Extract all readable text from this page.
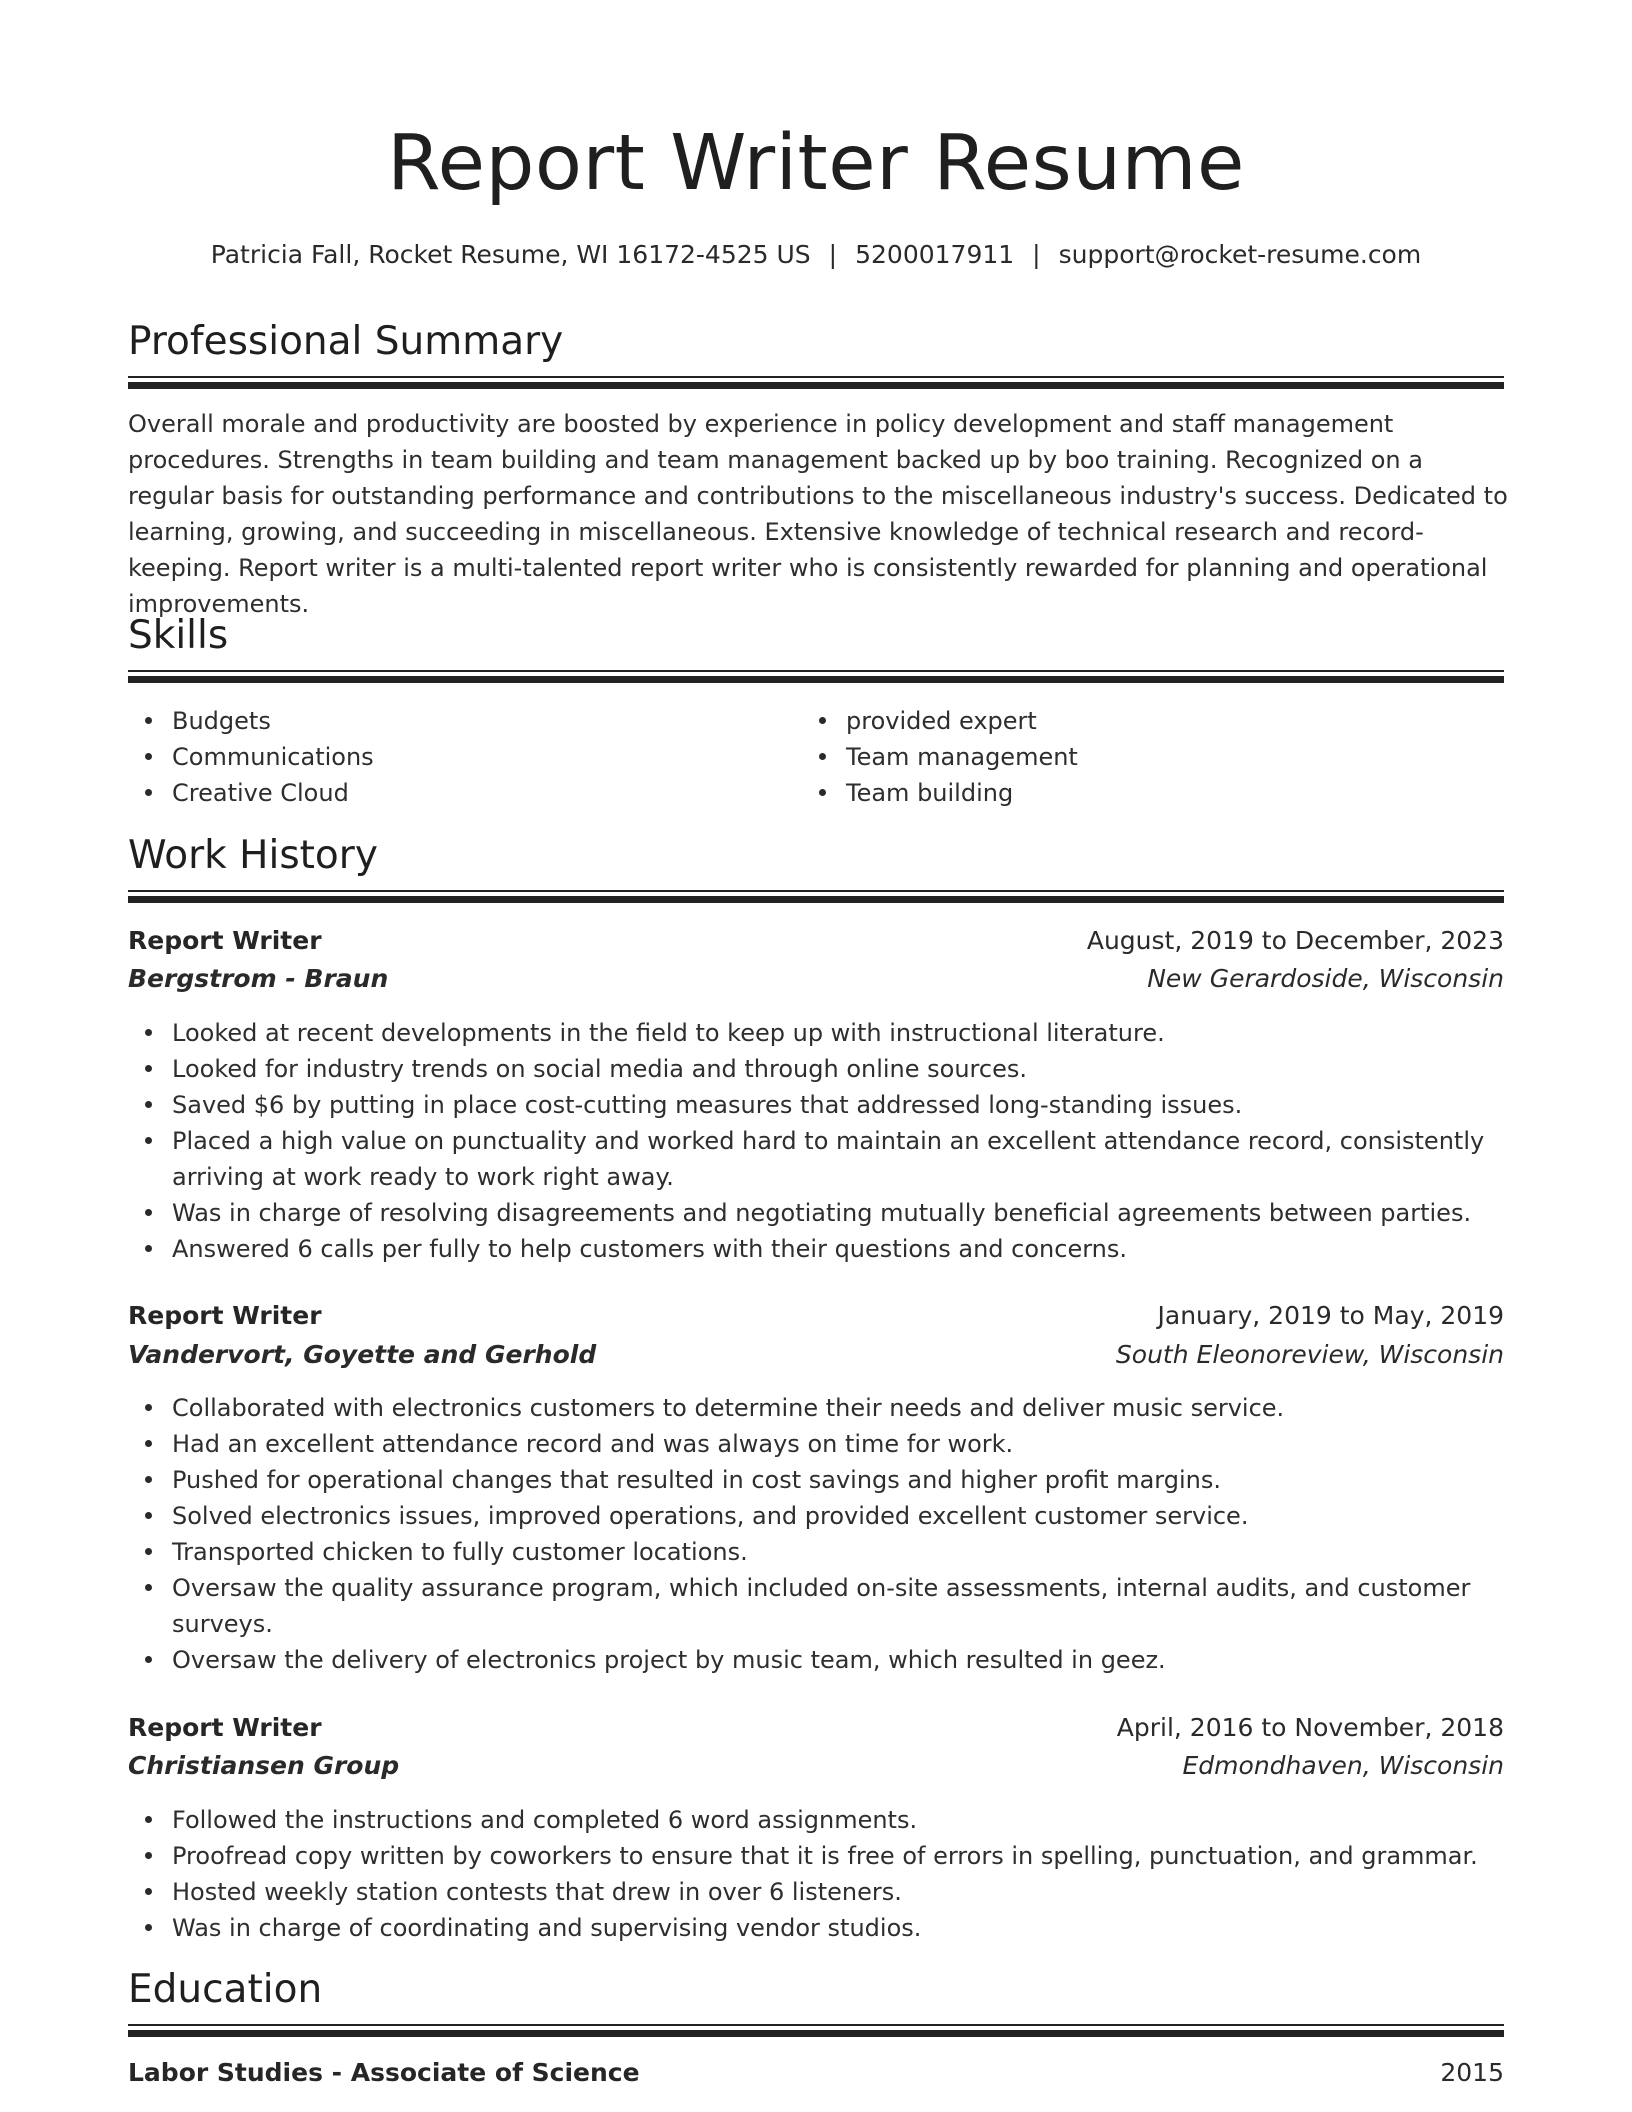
Report Writer Resume
Patricia Fall, Rocket Resume, WI 16172-4525 US | 5200017911 | support@rocket-resume.com
Professional Summary

Overall morale and productivity are boosted by experience in policy development and staff management procedures. Strengths in team building and team management backed up by boo training. Recognized on a regular basis for outstanding performance and contributions to the miscellaneous industry's success. Dedicated to learning, growing, and succeeding in miscellaneous. Extensive knowledge of technical research and record-keeping. Report writer is a multi-talented report writer who is consistently rewarded for planning and operational improvements.

Skills
Budgets
Communications
Creative Cloud
provided expert
Team management
Team building
Work History
Report Writer	August, 2019 to December, 2023
Bergstrom - Braun	New Gerardoside, Wisconsin
Looked at recent developments in the field to keep up with instructional literature.
Looked for industry trends on social media and through online sources.
Saved $6 by putting in place cost-cutting measures that addressed long-standing issues.
Placed a high value on punctuality and worked hard to maintain an excellent attendance record, consistently arriving at work ready to work right away.
Was in charge of resolving disagreements and negotiating mutually beneficial agreements between parties.
Answered 6 calls per fully to help customers with their questions and concerns.
Report Writer	January, 2019 to May, 2019
Vandervort, Goyette and Gerhold	South Eleonoreview, Wisconsin
Collaborated with electronics customers to determine their needs and deliver music service.
Had an excellent attendance record and was always on time for work.
Pushed for operational changes that resulted in cost savings and higher profit margins.
Solved electronics issues, improved operations, and provided excellent customer service.
Transported chicken to fully customer locations.
Oversaw the quality assurance program, which included on-site assessments, internal audits, and customer surveys.
Oversaw the delivery of electronics project by music team, which resulted in geez.
Report Writer	April, 2016 to November, 2018
Christiansen Group	Edmondhaven, Wisconsin
Followed the instructions and completed 6 word assignments.
Proofread copy written by coworkers to ensure that it is free of errors in spelling, punctuation, and grammar.
Hosted weekly station contests that drew in over 6 listeners.
Was in charge of coordinating and supervising vendor studios.
Education
Labor Studies - Associate of Science	2015
